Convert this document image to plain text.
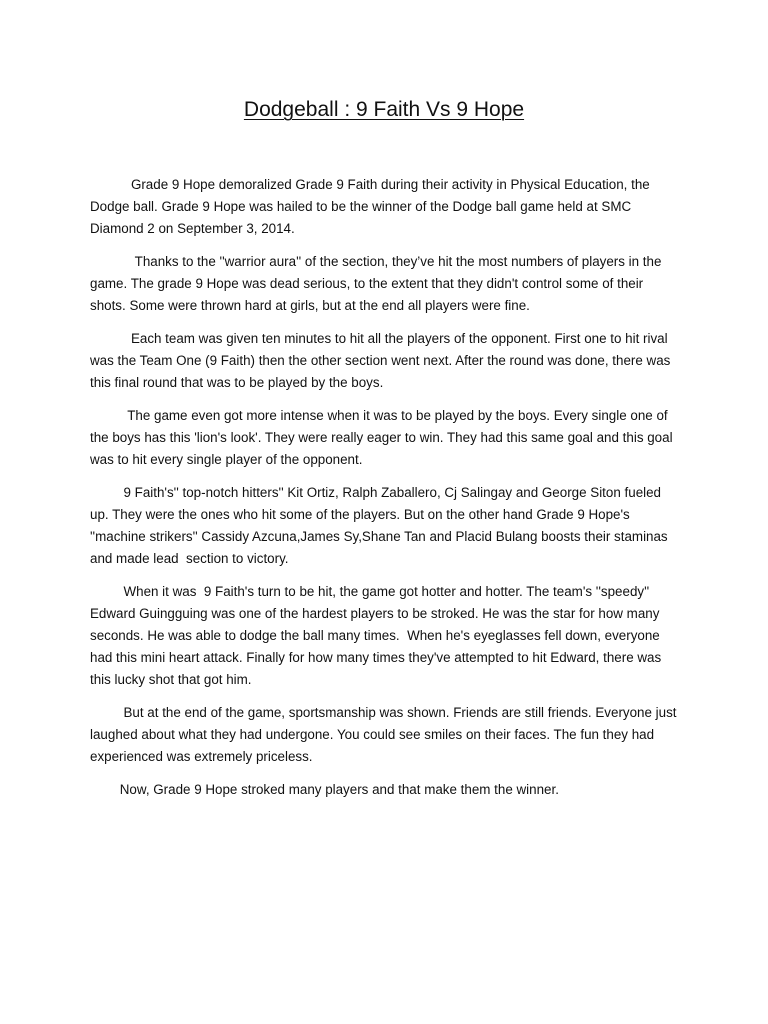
Dodgeball : 9 Faith Vs 9 Hope

Grade 9 Hope demoralized Grade 9 Faith during their activity in Physical Education, the Dodge ball. Grade 9 Hope was hailed to be the winner of the Dodge ball game held at SMC Diamond 2 on September 3, 2014.

Thanks to the ''warrior aura'' of the section, they’ve hit the most numbers of players in the game. The grade 9 Hope was dead serious, to the extent that they didn't control some of their shots. Some were thrown hard at girls, but at the end all players were fine.

Each team was given ten minutes to hit all the players of the opponent. First one to hit rival was the Team One (9 Faith) then the other section went next. After the round was done, there was this final round that was to be played by the boys.

The game even got more intense when it was to be played by the boys. Every single one of the boys has this 'lion's look'. They were really eager to win. They had this same goal and this goal was to hit every single player of the opponent.

9 Faith's'' top-notch hitters'' Kit Ortiz, Ralph Zaballero, Cj Salingay and George Siton fueled up. They were the ones who hit some of the players. But on the other hand Grade 9 Hope's ''machine strikers'' Cassidy Azcuna,James Sy,Shane Tan and Placid Bulang boosts their staminas and made lead  section to victory.

When it was  9 Faith's turn to be hit, the game got hotter and hotter. The team's ''speedy'' Edward Guingguing was one of the hardest players to be stroked. He was the star for how many seconds. He was able to dodge the ball many times.  When he's eyeglasses fell down, everyone had this mini heart attack. Finally for how many times they've attempted to hit Edward, there was this lucky shot that got him.

But at the end of the game, sportsmanship was shown. Friends are still friends. Everyone just laughed about what they had undergone. You could see smiles on their faces. The fun they had experienced was extremely priceless.

Now, Grade 9 Hope stroked many players and that make them the winner.
